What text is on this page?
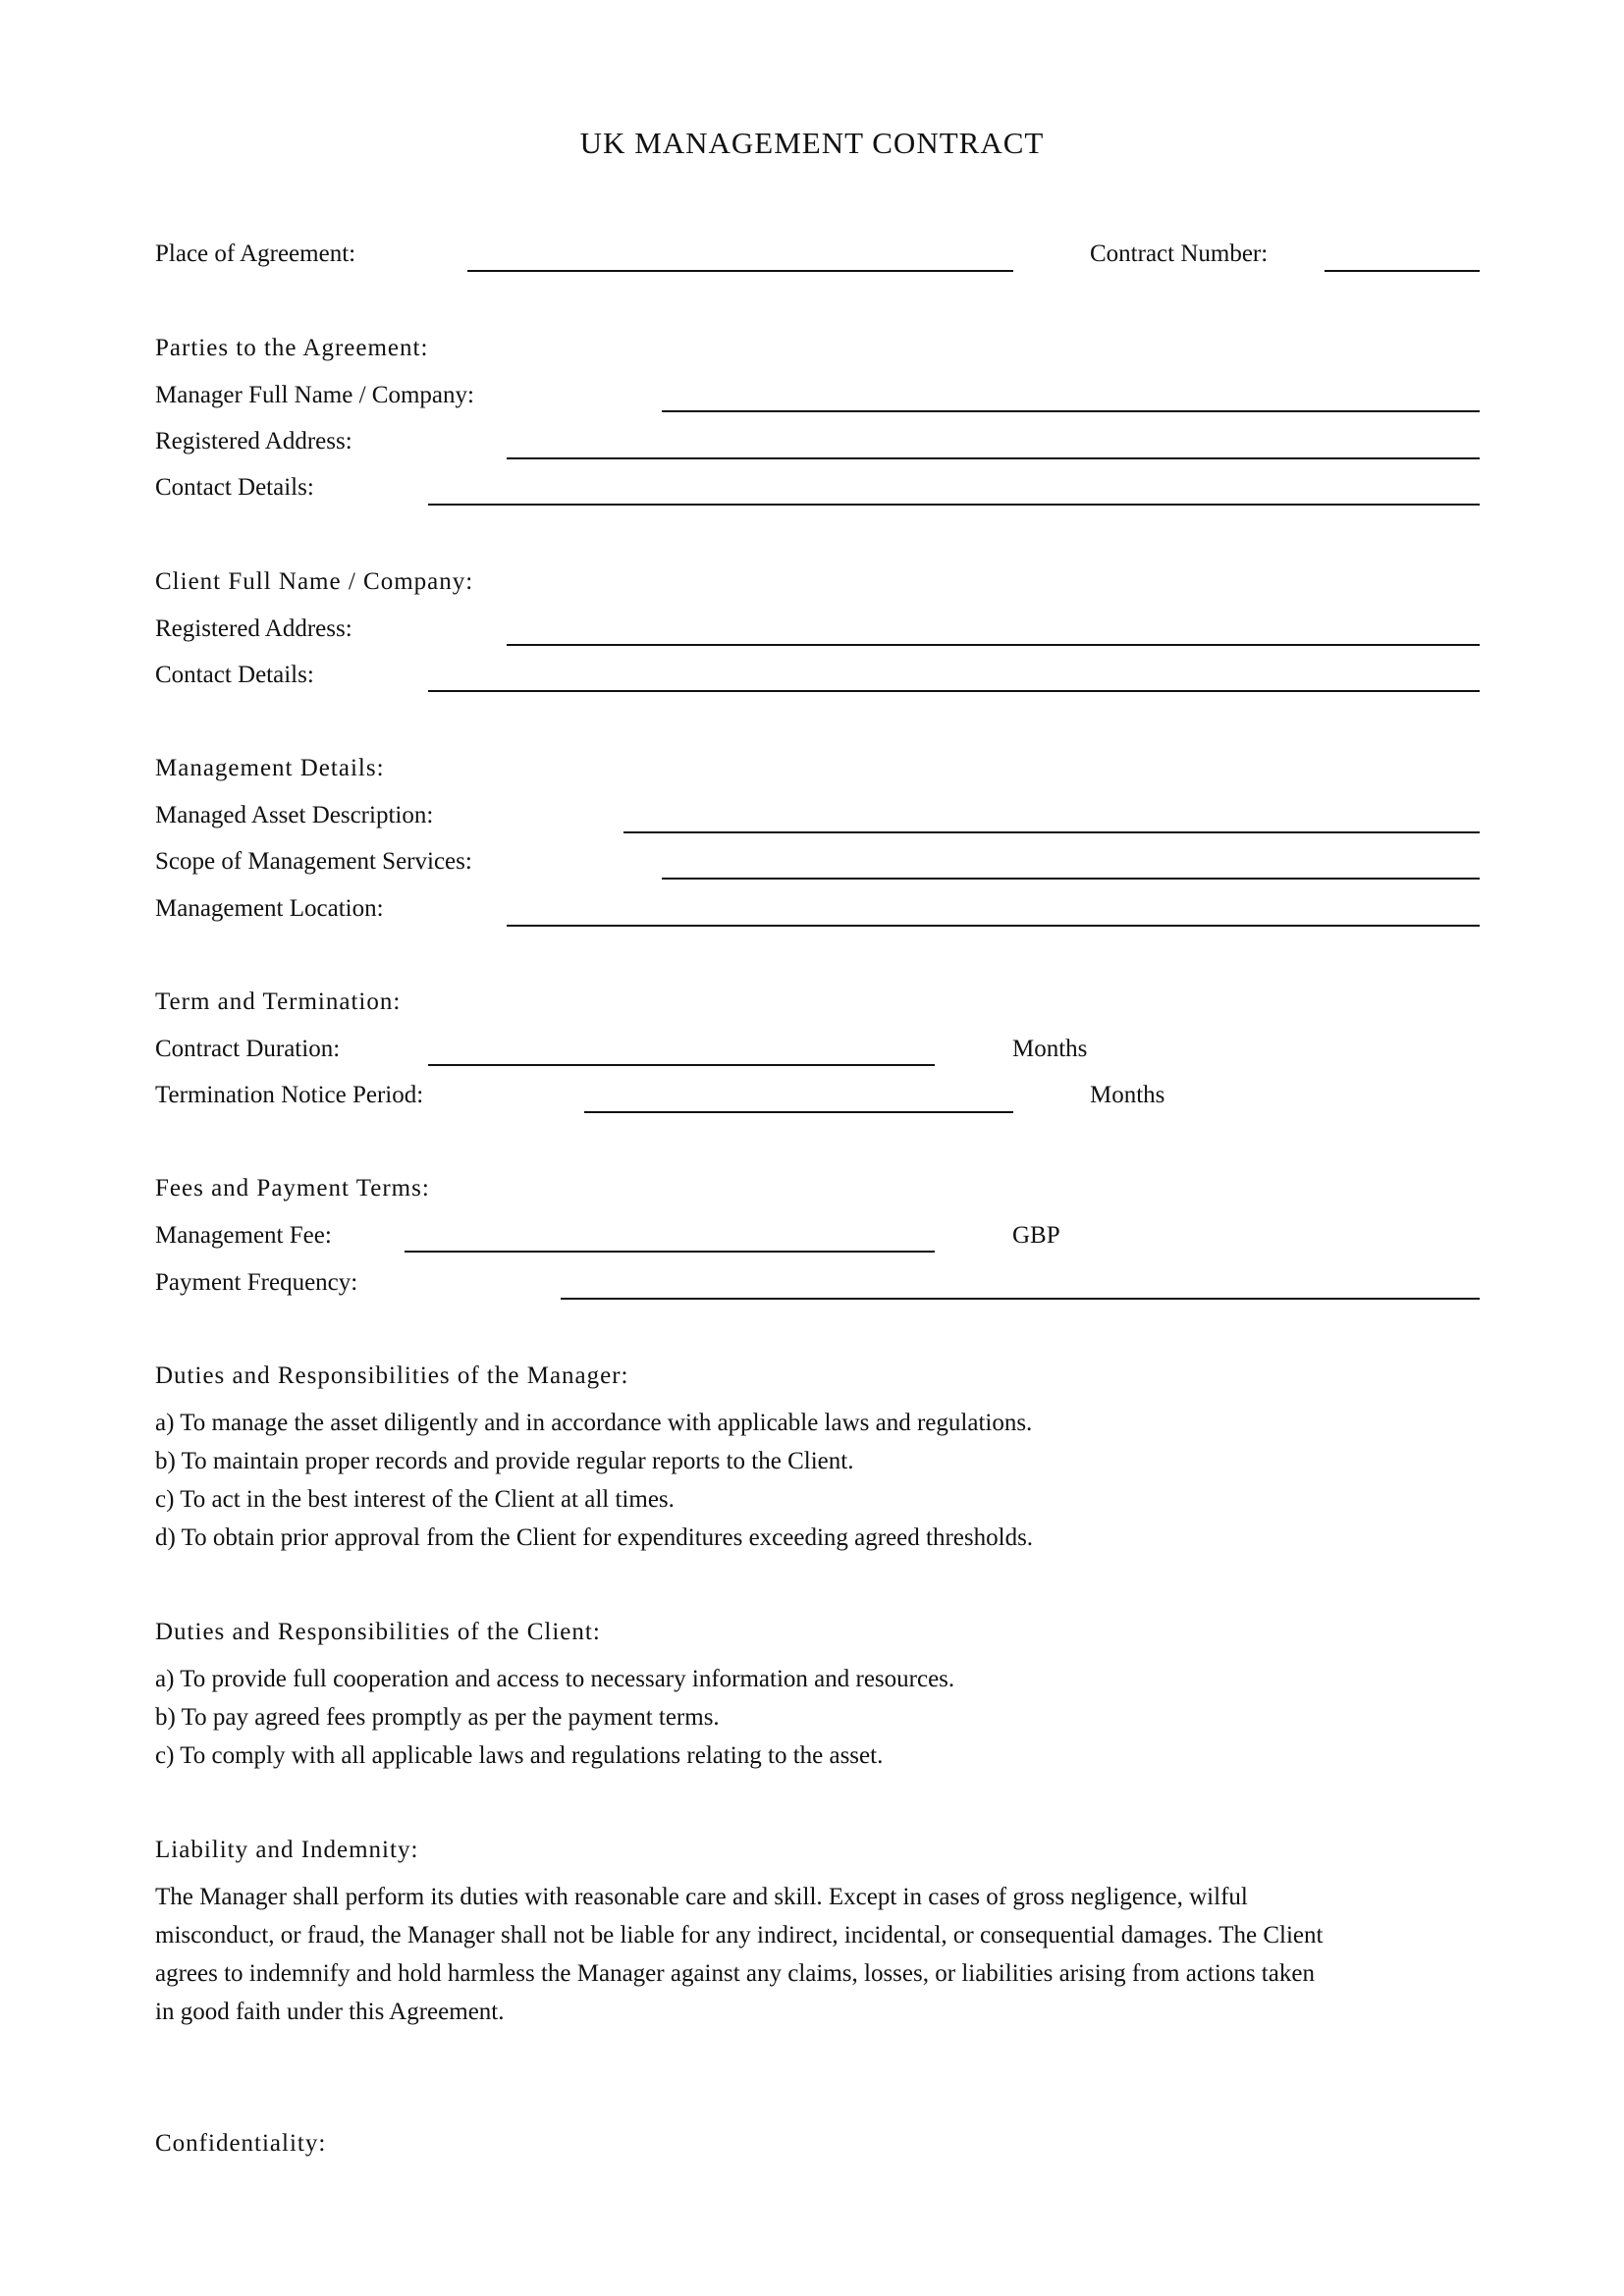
UK MANAGEMENT CONTRACT
Place of Agreement:	Contract Number:
Parties to the Agreement:
Manager Full Name / Company:
Registered Address:
Contact Details:
Client Full Name / Company:
Registered Address:
Contact Details:
Management Details:
Managed Asset Description:
Scope of Management Services:
Management Location:
Term and Termination:
Contract Duration:	Months
Termination Notice Period:	Months
Fees and Payment Terms:
Management Fee:	GBP
Payment Frequency:
Duties and Responsibilities of the Manager:
a) To manage the asset diligently and in accordance with applicable laws and regulations.
b) To maintain proper records and provide regular reports to the Client.
c) To act in the best interest of the Client at all times.
d) To obtain prior approval from the Client for expenditures exceeding agreed thresholds.
Duties and Responsibilities of the Client:
a) To provide full cooperation and access to necessary information and resources.
b) To pay agreed fees promptly as per the payment terms.
c) To comply with all applicable laws and regulations relating to the asset.
Liability and Indemnity:
The Manager shall perform its duties with reasonable care and skill. Except in cases of gross negligence, wilful
misconduct, or fraud, the Manager shall not be liable for any indirect, incidental, or consequential damages. The Client
agrees to indemnify and hold harmless the Manager against any claims, losses, or liabilities arising from actions taken
in good faith under this Agreement.
Confidentiality:
